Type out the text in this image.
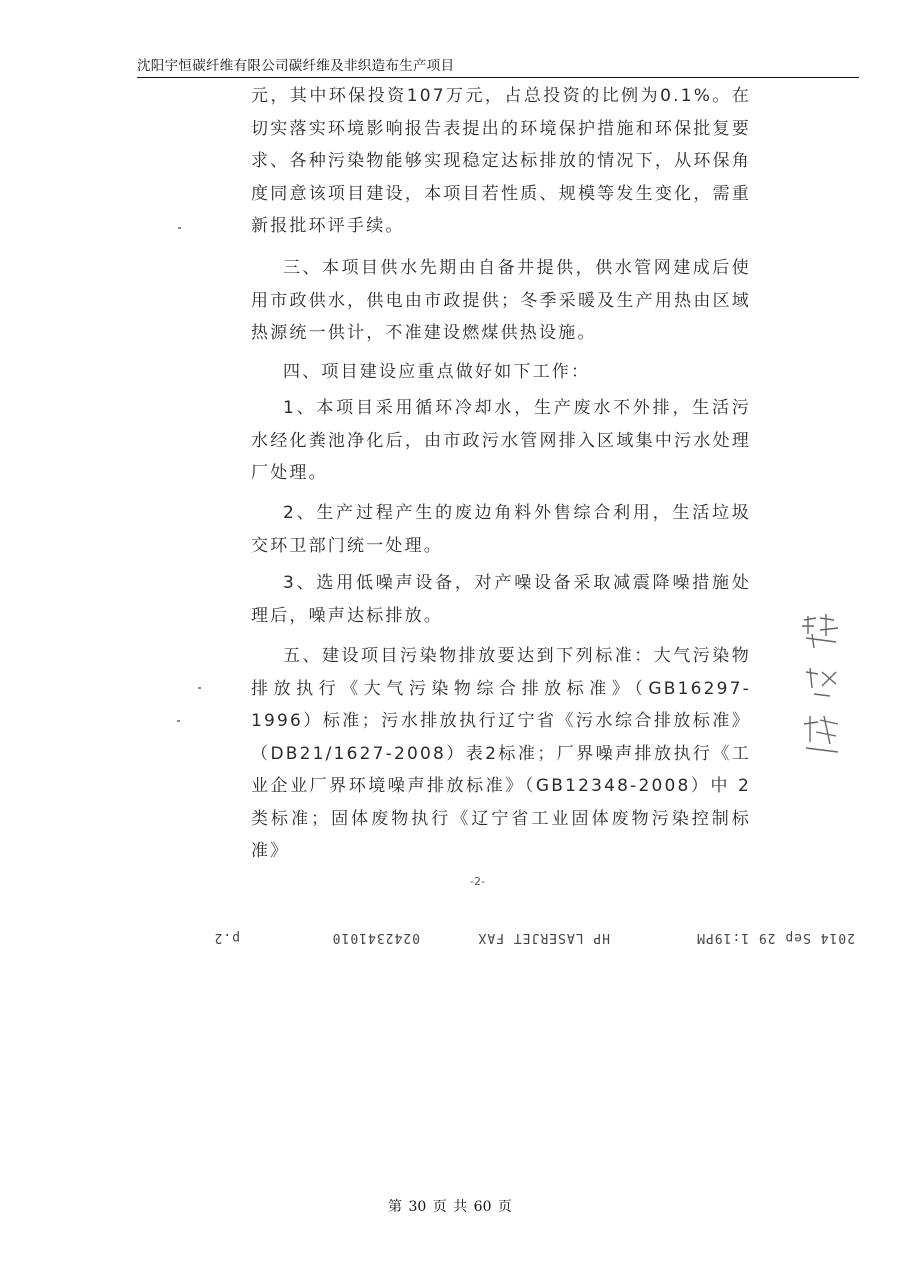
沈阳宇恒碳纤维有限公司碳纤维及非织造布生产项目

元，其中环保投资107万元，占总投资的比例为0.1%。在切实落实环境影响报告表提出的环境保护措施和环保批复要求、各种污染物能够实现稳定达标排放的情况下，从环保角度同意该项目建设，本项目若性质、规模等发生变化，需重新报批环评手续。

三、本项目供水先期由自备井提供，供水管网建成后使用市政供水，供电由市政提供；冬季采暖及生产用热由区域热源统一供计，不准建设燃煤供热设施。

四、项目建设应重点做好如下工作：

1、本项目采用循环冷却水，生产废水不外排，生活污水经化粪池净化后，由市政污水管网排入区域集中污水处理厂处理。

2、生产过程产生的废边角料外售综合利用，生活垃圾交环卫部门统一处理。

3、选用低噪声设备，对产噪设备采取减震降噪措施处理后，噪声达标排放。

五、建设项目污染物排放要达到下列标准：大气污染物排放执行《大气污染物综合排放标准》（GB16297-1996）标准；污水排放执行辽宁省《污水综合排放标准》（DB21/1627-2008）表2标准；厂界噪声排放执行《工业企业厂界环境噪声排放标准》（GB12348-2008）中 2 类标准；固体废物执行《辽宁省工业固体废物污染控制标准》

-2-
2014 Sep 29 1:19PM
HP LASERJET FAX
0242341010
p.2
第 30 页 共 60 页
